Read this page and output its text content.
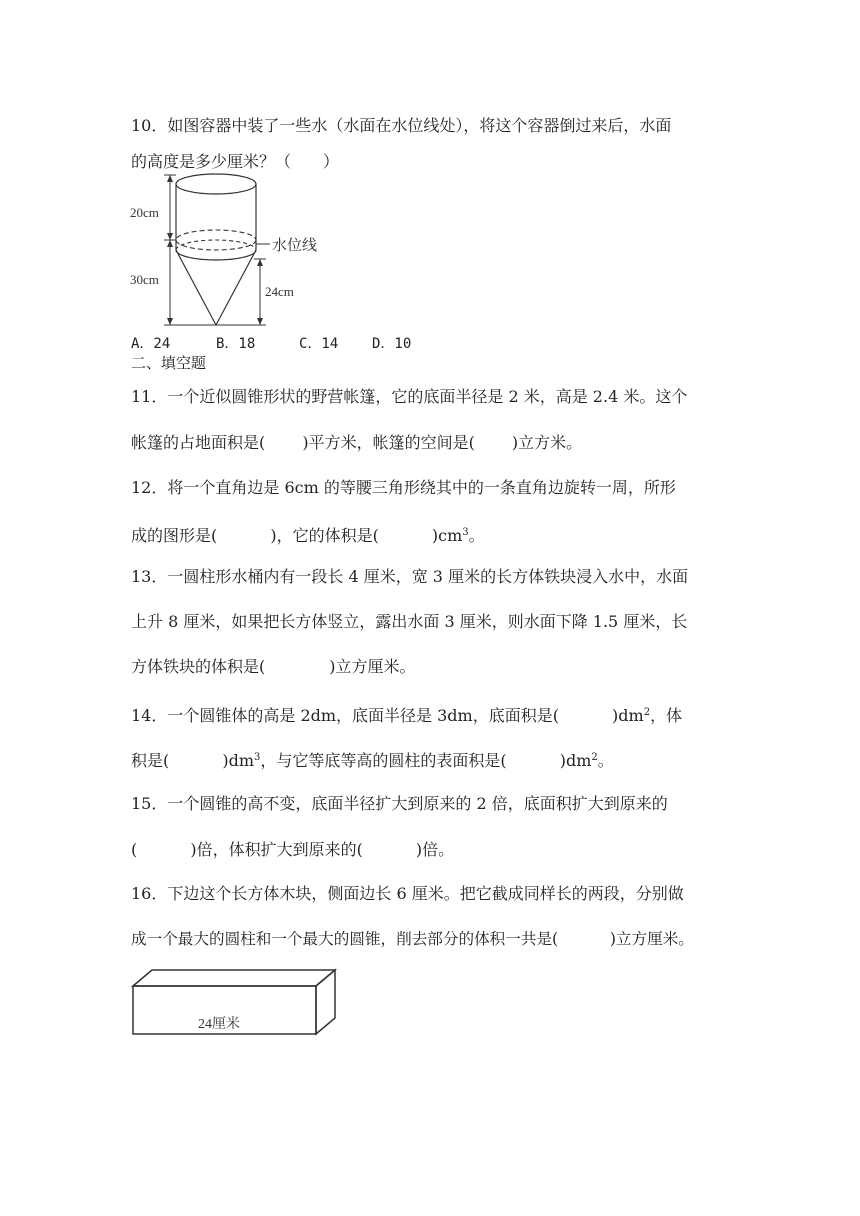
10．如图容器中装了一些水（水面在水位线处），将这个容器倒过来后，水面
的高度是多少厘米？（　　）
20cm
30cm
24cm
水位线
A．24	B．18	C．14 D．10
二、填空题
11．一个近似圆锥形状的野营帐篷，它的底面半径是 2 米，高是 2.4 米。这个
帐篷的占地面积是(　　 )平方米，帐篷的空间是(　　 )立方米。
12．将一个直角边是 6cm 的等腰三角形绕其中的一条直角边旋转一周，所形
成的图形是(　　　 )，它的体积是(　　　 )$cm^3$。
13．一圆柱形水桶内有一段长 4 厘米，宽 3 厘米的长方体铁块浸入水中，水面
上升 8 厘米，如果把长方体竖立，露出水面 3 厘米，则水面下降 1.5 厘米，长
方体铁块的体积是(　　　　)立方厘米。
14．一个圆锥体的高是 2dm，底面半径是 3dm，底面积是(　　　 )$dm^2$，体
积是(　　　 )$dm^3$，与它等底等高的圆柱的表面积是(　　　 )$dm^2$。
15．一个圆锥的高不变，底面半径扩大到原来的 2 倍，底面积扩大到原来的
(　　　 )倍，体积扩大到原来的(　　　 )倍。
16．下边这个长方体木块，侧面边长 6 厘米。把它截成同样长的两段，分别做
成一个最大的圆柱和一个最大的圆锥，削去部分的体积一共是(　　　 )立方厘米。
24厘米
